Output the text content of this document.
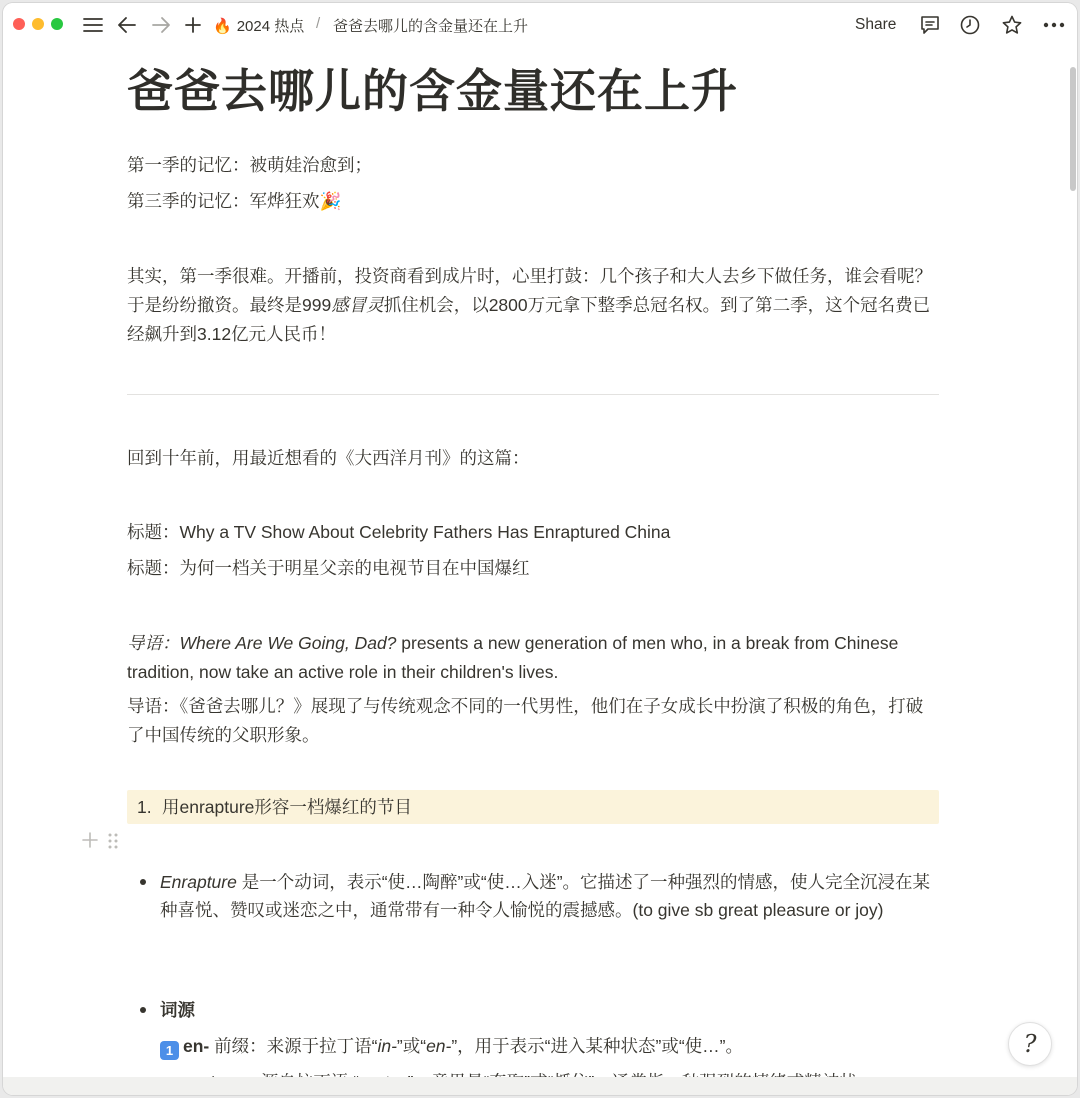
🔥 2024 热点 / 爸爸去哪儿的含金量还在上升	Share
爸爸去哪儿的含金量还在上升

第一季的记忆：被萌娃治愈到；

第三季的记忆：军烨狂欢🎉

其实，第一季很难。开播前，投资商看到成片时，心里打鼓：几个孩子和大人去乡下做任务，谁会看呢？于是纷纷撤资。最终是999感冒灵抓住机会，以2800万元拿下整季总冠名权。到了第二季，这个冠名费已经飙升到3.12亿元人民币！

回到十年前，用最近想看的《大西洋月刊》的这篇：

标题：Why a TV Show About Celebrity Fathers Has Enraptured China

标题：为何一档关于明星父亲的电视节目在中国爆红

导语：Where Are We Going, Dad? presents a new generation of men who, in a break from Chinese tradition, now take an active role in their children's lives.

导语：《爸爸去哪儿？》展现了与传统观念不同的一代男性，他们在子女成长中扮演了积极的角色，打破了中国传统的父职形象。

1. 用enrapture形容一档爆红的节目

Enrapture 是一个动词，表示“使…陶醉”或“使…入迷”。它描述了一种强烈的情感，使人完全沉浸在某种喜悦、赞叹或迷恋之中，通常带有一种令人愉悦的震撼感。(to give sb great pleasure or joy)

词源

1 en- 前缀：来源于拉丁语“in-”或“en-”，用于表示“进入某种状态”或“使…”。	?
